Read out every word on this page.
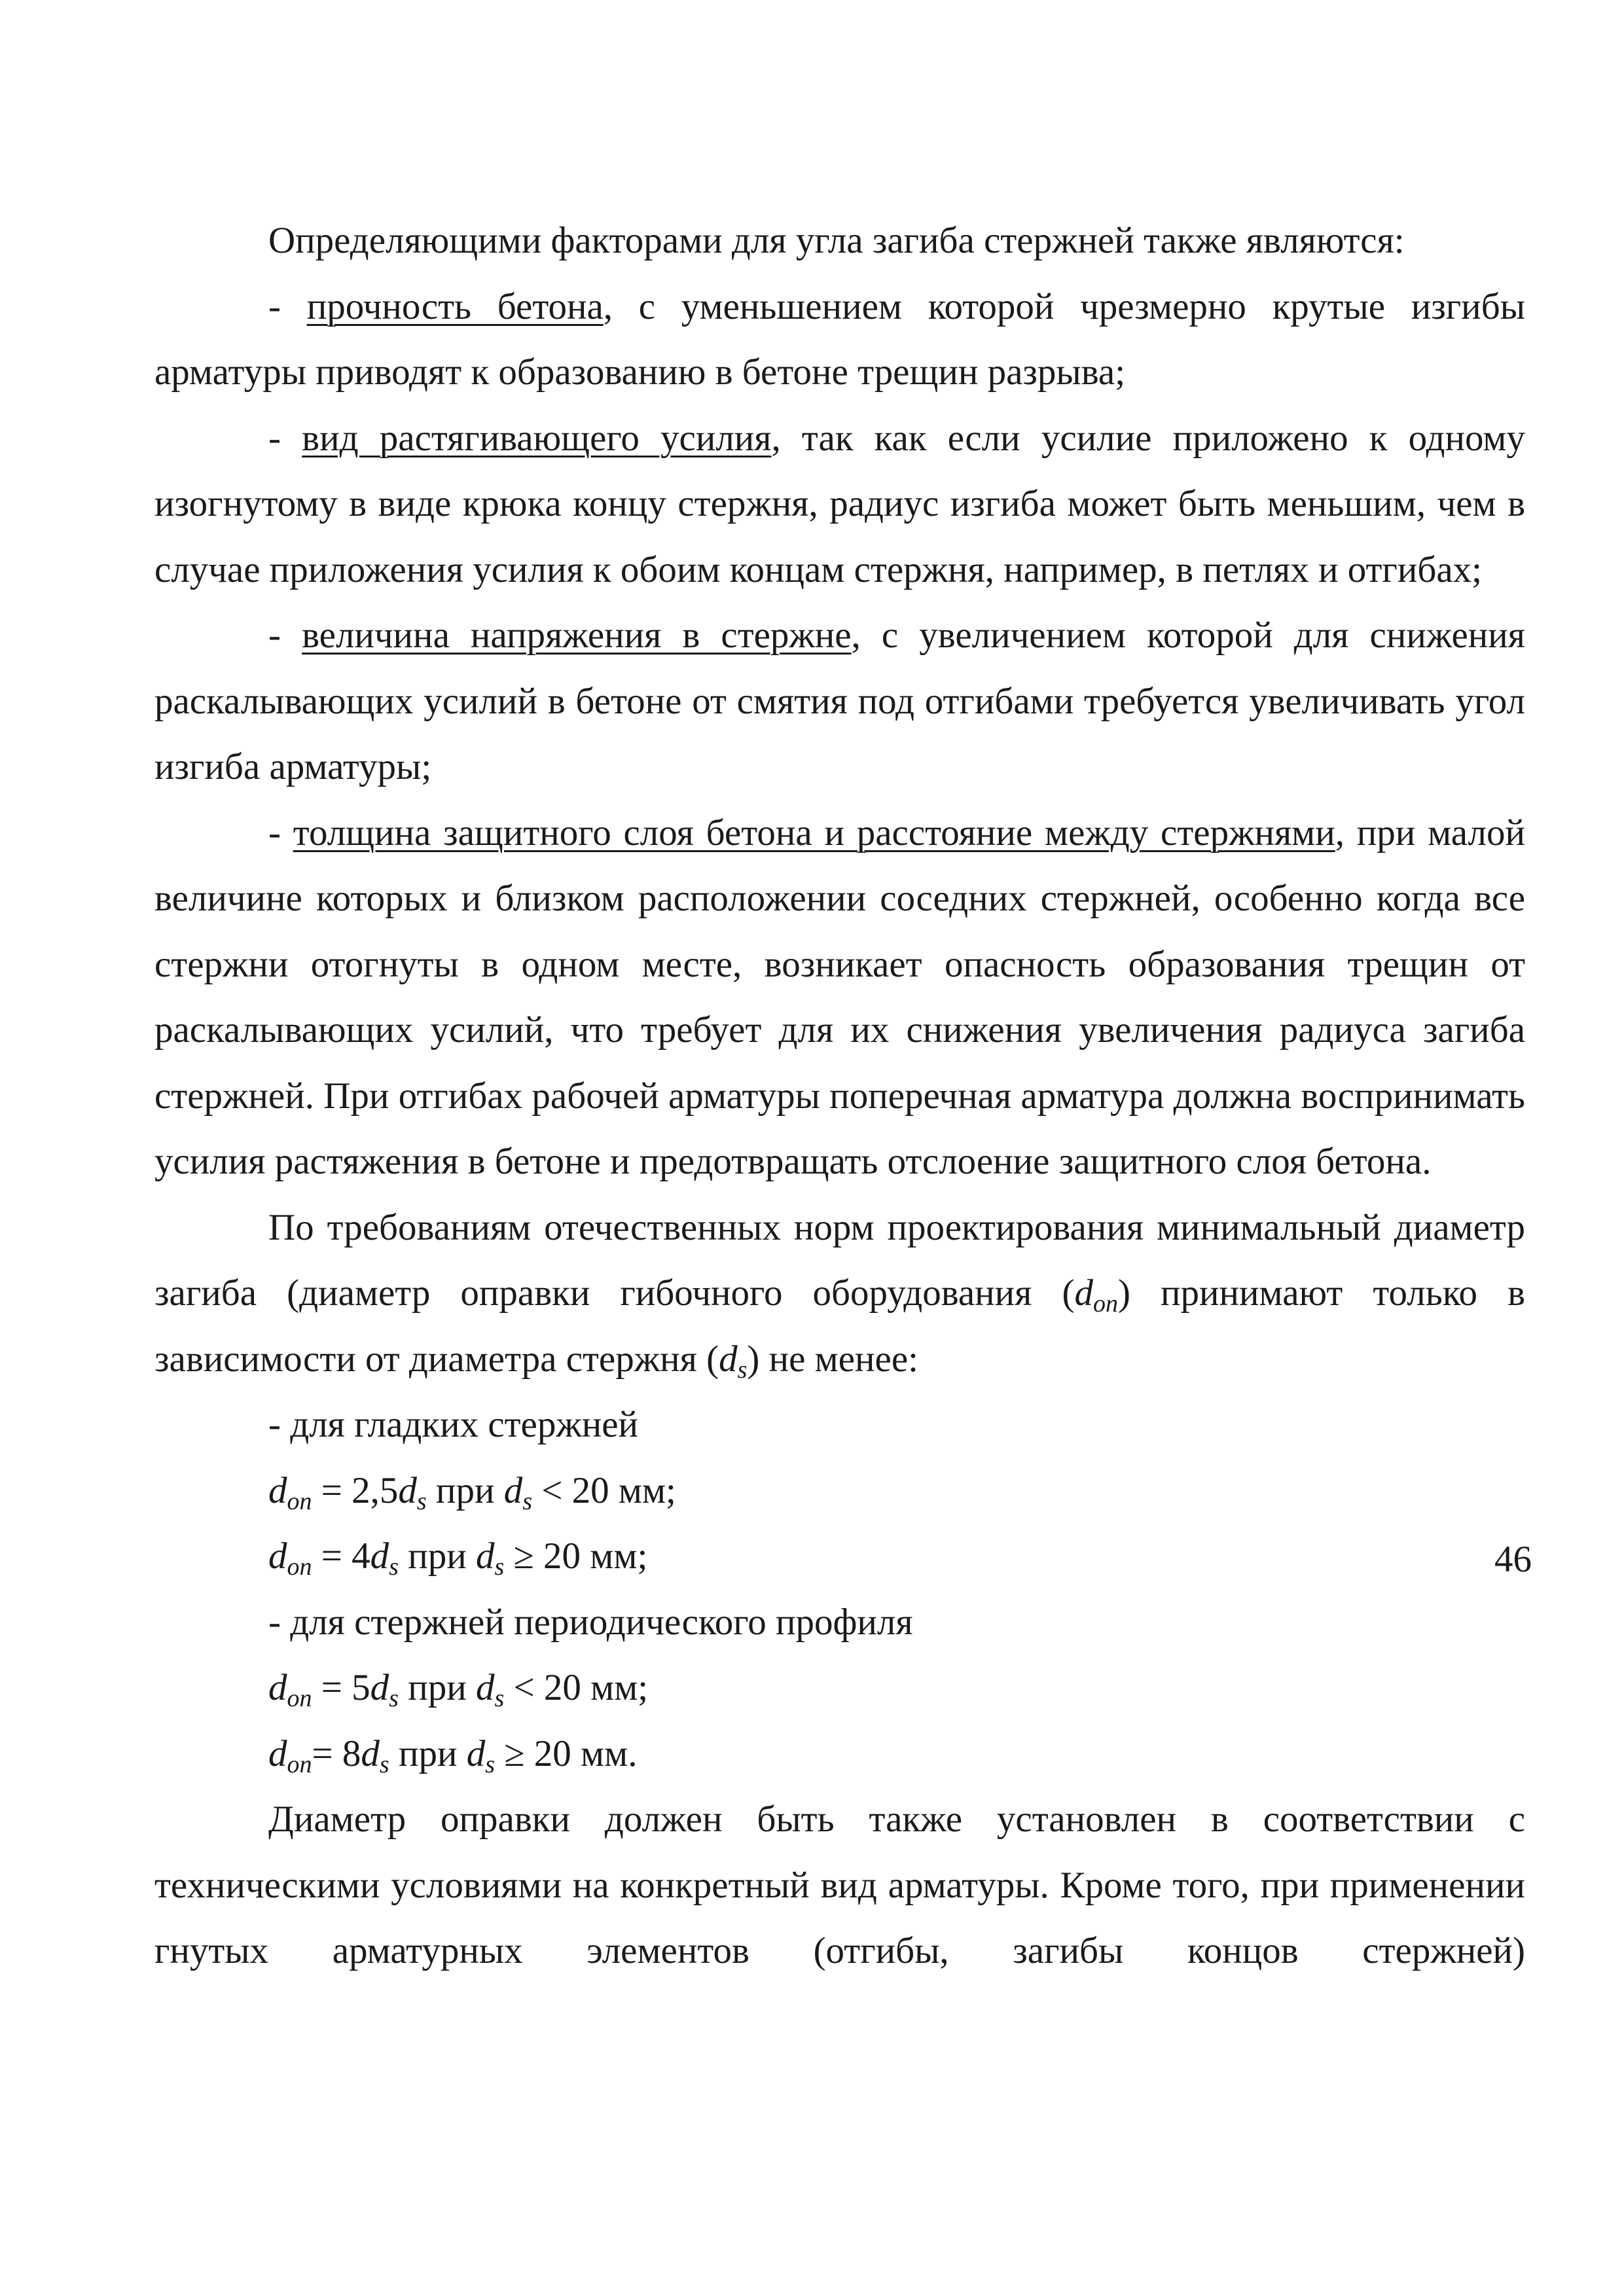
Определяющими факторами для угла загиба стержней также являются:

- прочность бетона, с уменьшением которой чрезмерно крутые изгибы арматуры приводят к образованию в бетоне трещин разрыва;

- вид растягивающего усилия, так как если усилие приложено к одному изогнутому в виде крюка концу стержня, радиус изгиба может быть меньшим, чем в случае приложения усилия к обоим концам стержня, например, в петлях и отгибах;

- величина напряжения в стержне, с увеличением которой для снижения раскалывающих усилий в бетоне от смятия под отгибами требуется увеличивать угол изгиба арматуры;

- толщина защитного слоя бетона и расстояние между стержнями, при малой величине которых и близком расположении соседних стержней, особенно когда все стержни отогнуты в одном месте, возникает опасность образования трещин от раскалывающих усилий, что требует для их снижения увеличения радиуса загиба стержней. При отгибах рабочей арматуры поперечная арматура должна воспринимать усилия растяжения в бетоне и предотвращать отслоение защитного слоя бетона.

По требованиям отечественных норм проектирования минимальный диаметр загиба (диаметр оправки гибочного оборудования $(d_{оп})$ принимают только в зависимости от диаметра стержня $(d_s)$ не менее:

- для гладких стержней

$d_{оп} = 2,5d_s$ при $d_s < 20$ мм;

$d_{оп} = 4d_s$ при $d_s \ge 20$ мм;

- для стержней периодического профиля

$d_{оп} = 5d_s$ при $d_s < 20$ мм;

$d_{оп}= 8d_s$ при $d_s \ge 20$ мм.

Диаметр оправки должен быть также установлен в соответствии с техническими условиями на конкретный вид арматуры. Кроме того, при применении гнутых арматурных элементов (отгибы, загибы концов стержней)

46
